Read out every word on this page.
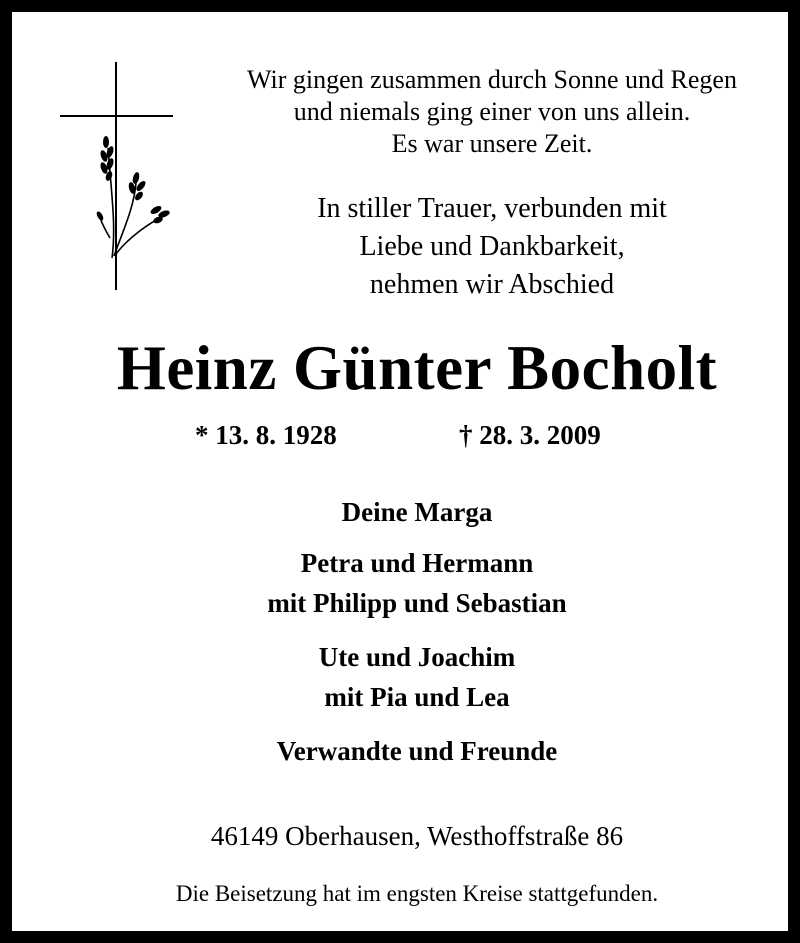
Wir gingen zusammen durch Sonne und Regen
und niemals ging einer von uns allein.
Es war unsere Zeit.
In stiller Trauer, verbunden mit
Liebe und Dankbarkeit,
nehmen wir Abschied
Heinz Günter Bocholt
* 13. 8. 1928	† 28. 3. 2009
Deine Marga
Petra und Hermann
mit Philipp und Sebastian
Ute und Joachim
mit Pia und Lea
Verwandte und Freunde
46149 Oberhausen, Westhoffstraße 86
Die Beisetzung hat im engsten Kreise stattgefunden.
